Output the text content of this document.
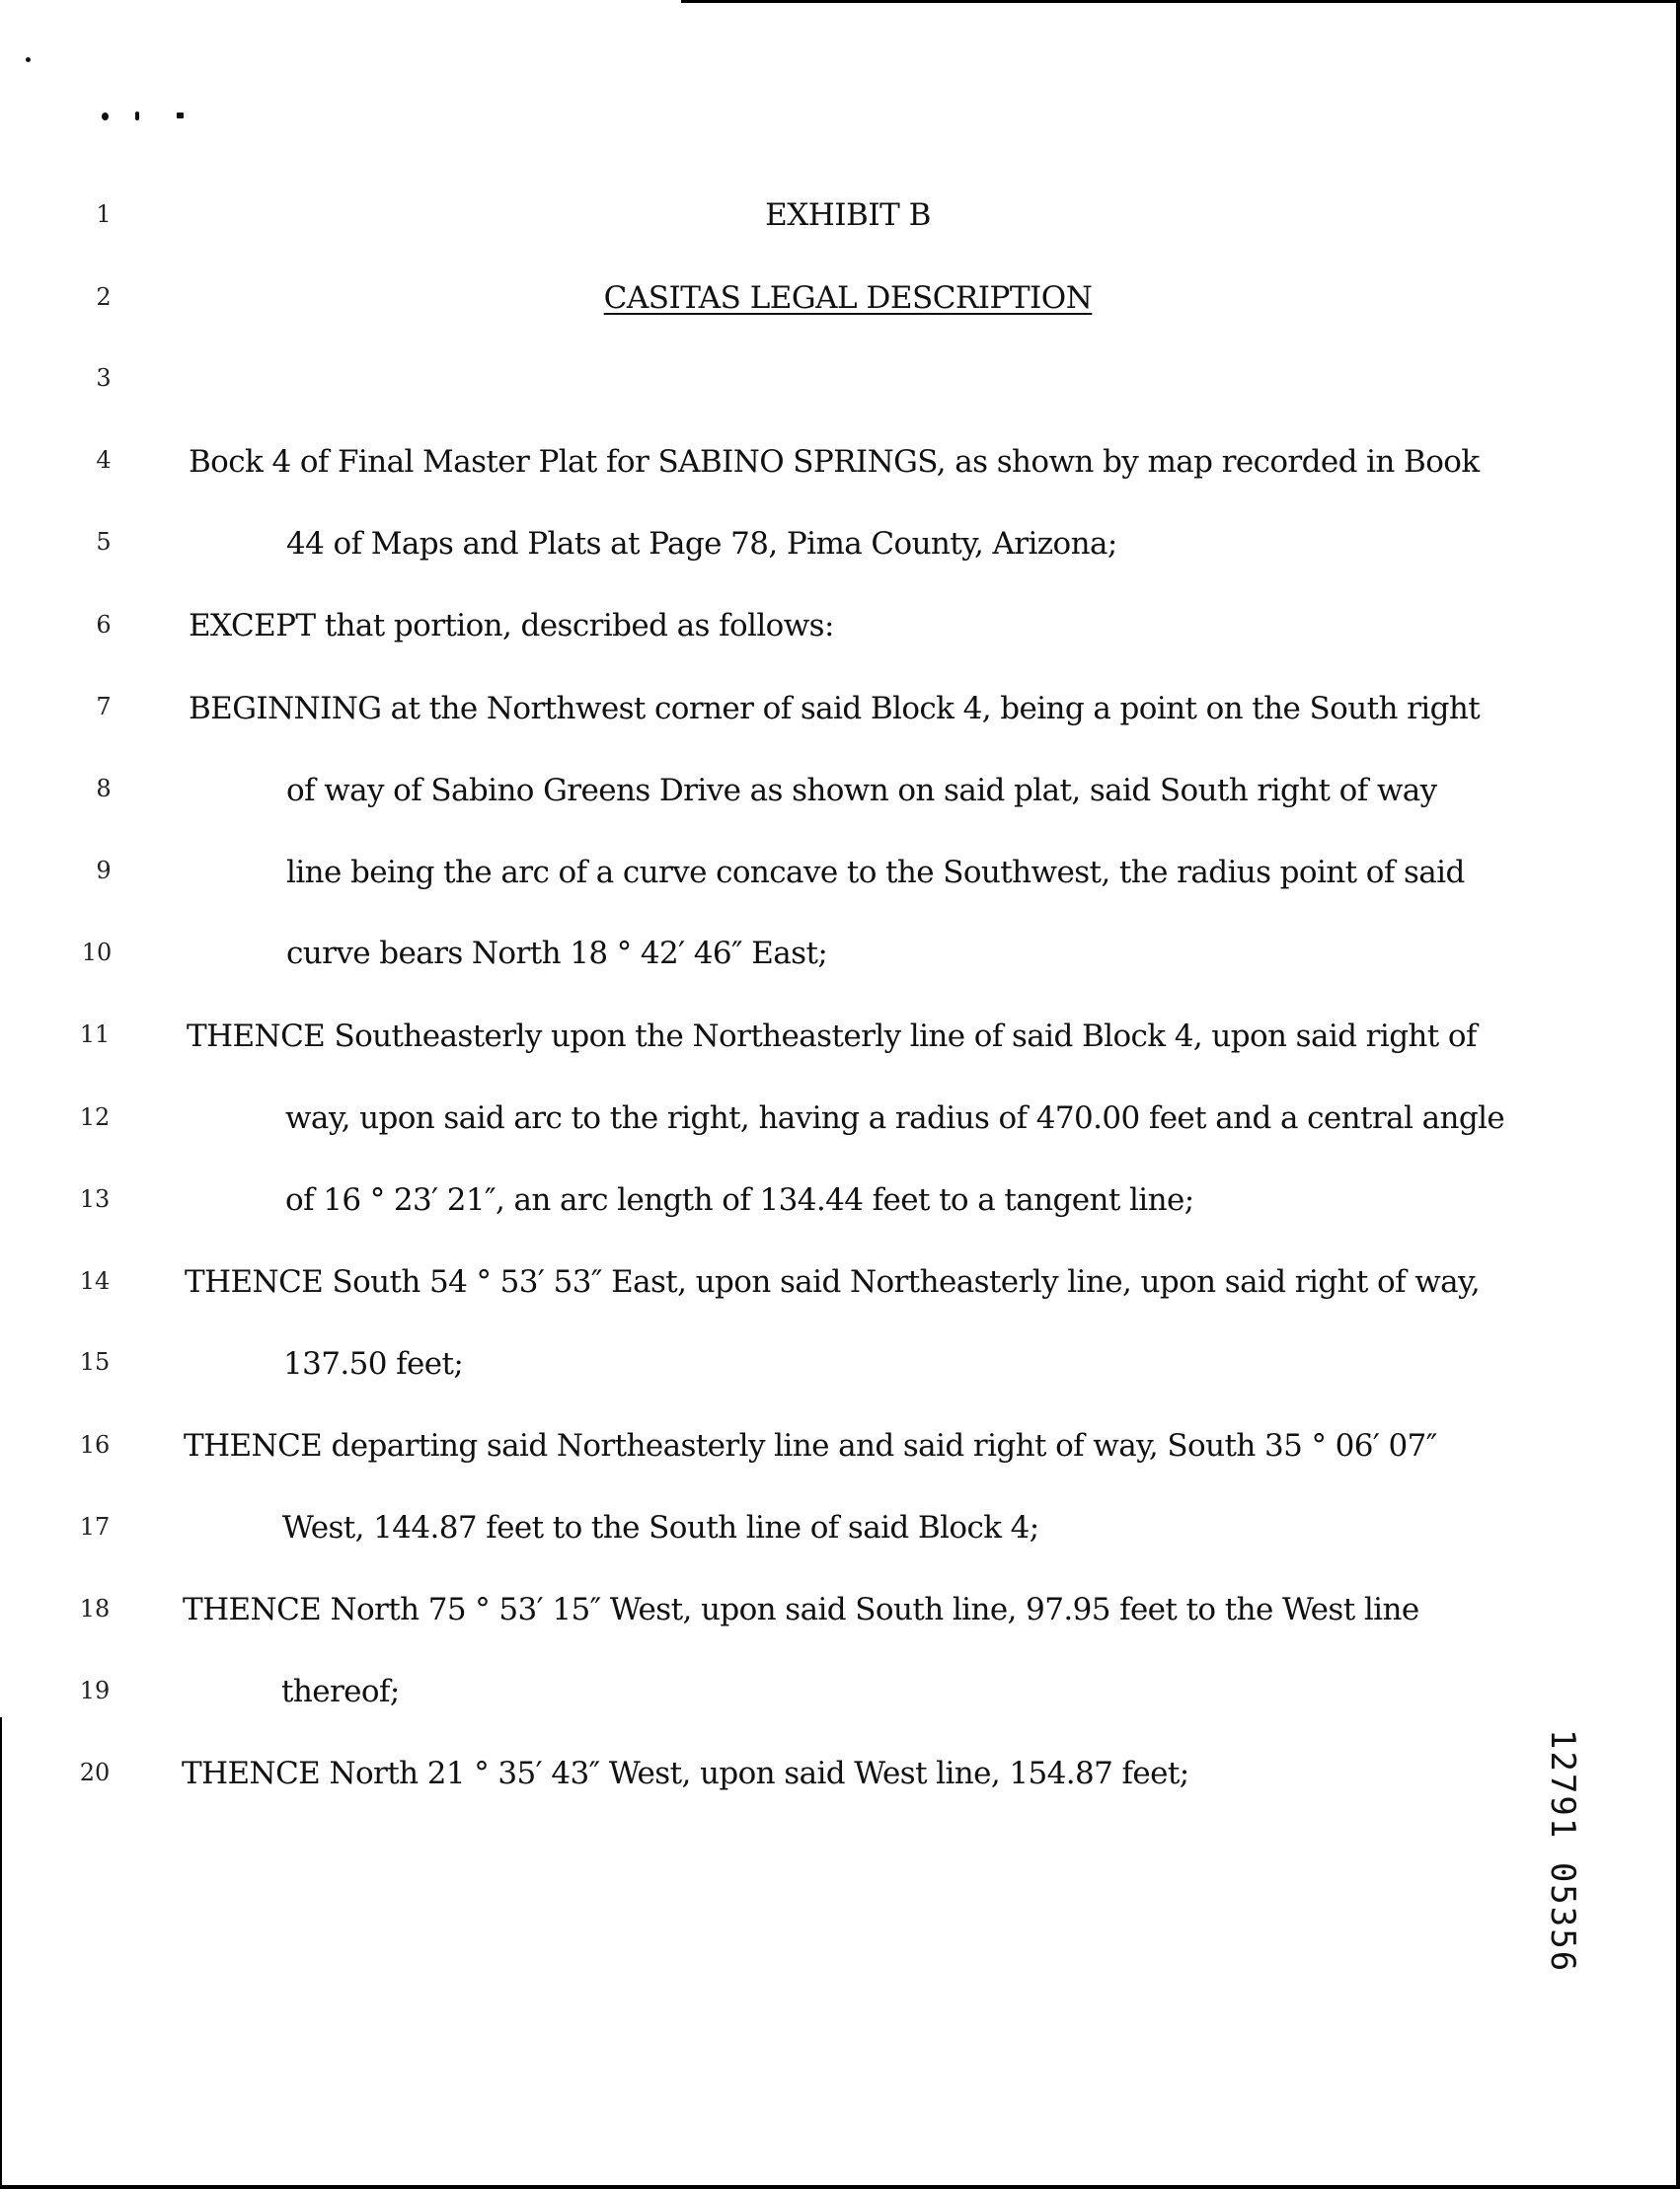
1
2
3
4
5
6
7
8
9
10
11
12
13
14
15
16
17
18
19
20
EXHIBIT B
CASITAS LEGAL DESCRIPTION
Bock 4 of Final Master Plat for SABINO SPRINGS, as shown by map recorded in Book
44 of Maps and Plats at Page 78, Pima County, Arizona;
EXCEPT that portion, described as follows:
BEGINNING at the Northwest corner of said Block 4, being a point on the South right
of way of Sabino Greens Drive as shown on said plat, said South right of way
line being the arc of a curve concave to the Southwest, the radius point of said
curve bears North 18 ° 42′ 46″ East;
THENCE Southeasterly upon the Northeasterly line of said Block 4, upon said right of
way, upon said arc to the right, having a radius of 470.00 feet and a central angle
of 16 ° 23′ 21″, an arc length of 134.44 feet to a tangent line;
THENCE South 54 ° 53′ 53″ East, upon said Northeasterly line, upon said right of way,
137.50 feet;
THENCE departing said Northeasterly line and said right of way, South 35 ° 06′ 07″
West, 144.87 feet to the South line of said Block 4;
THENCE North 75 ° 53′ 15″ West, upon said South line, 97.95 feet to the West line
thereof;
THENCE North 21 ° 35′ 43″ West, upon said West line, 154.87 feet;	12791 05356
